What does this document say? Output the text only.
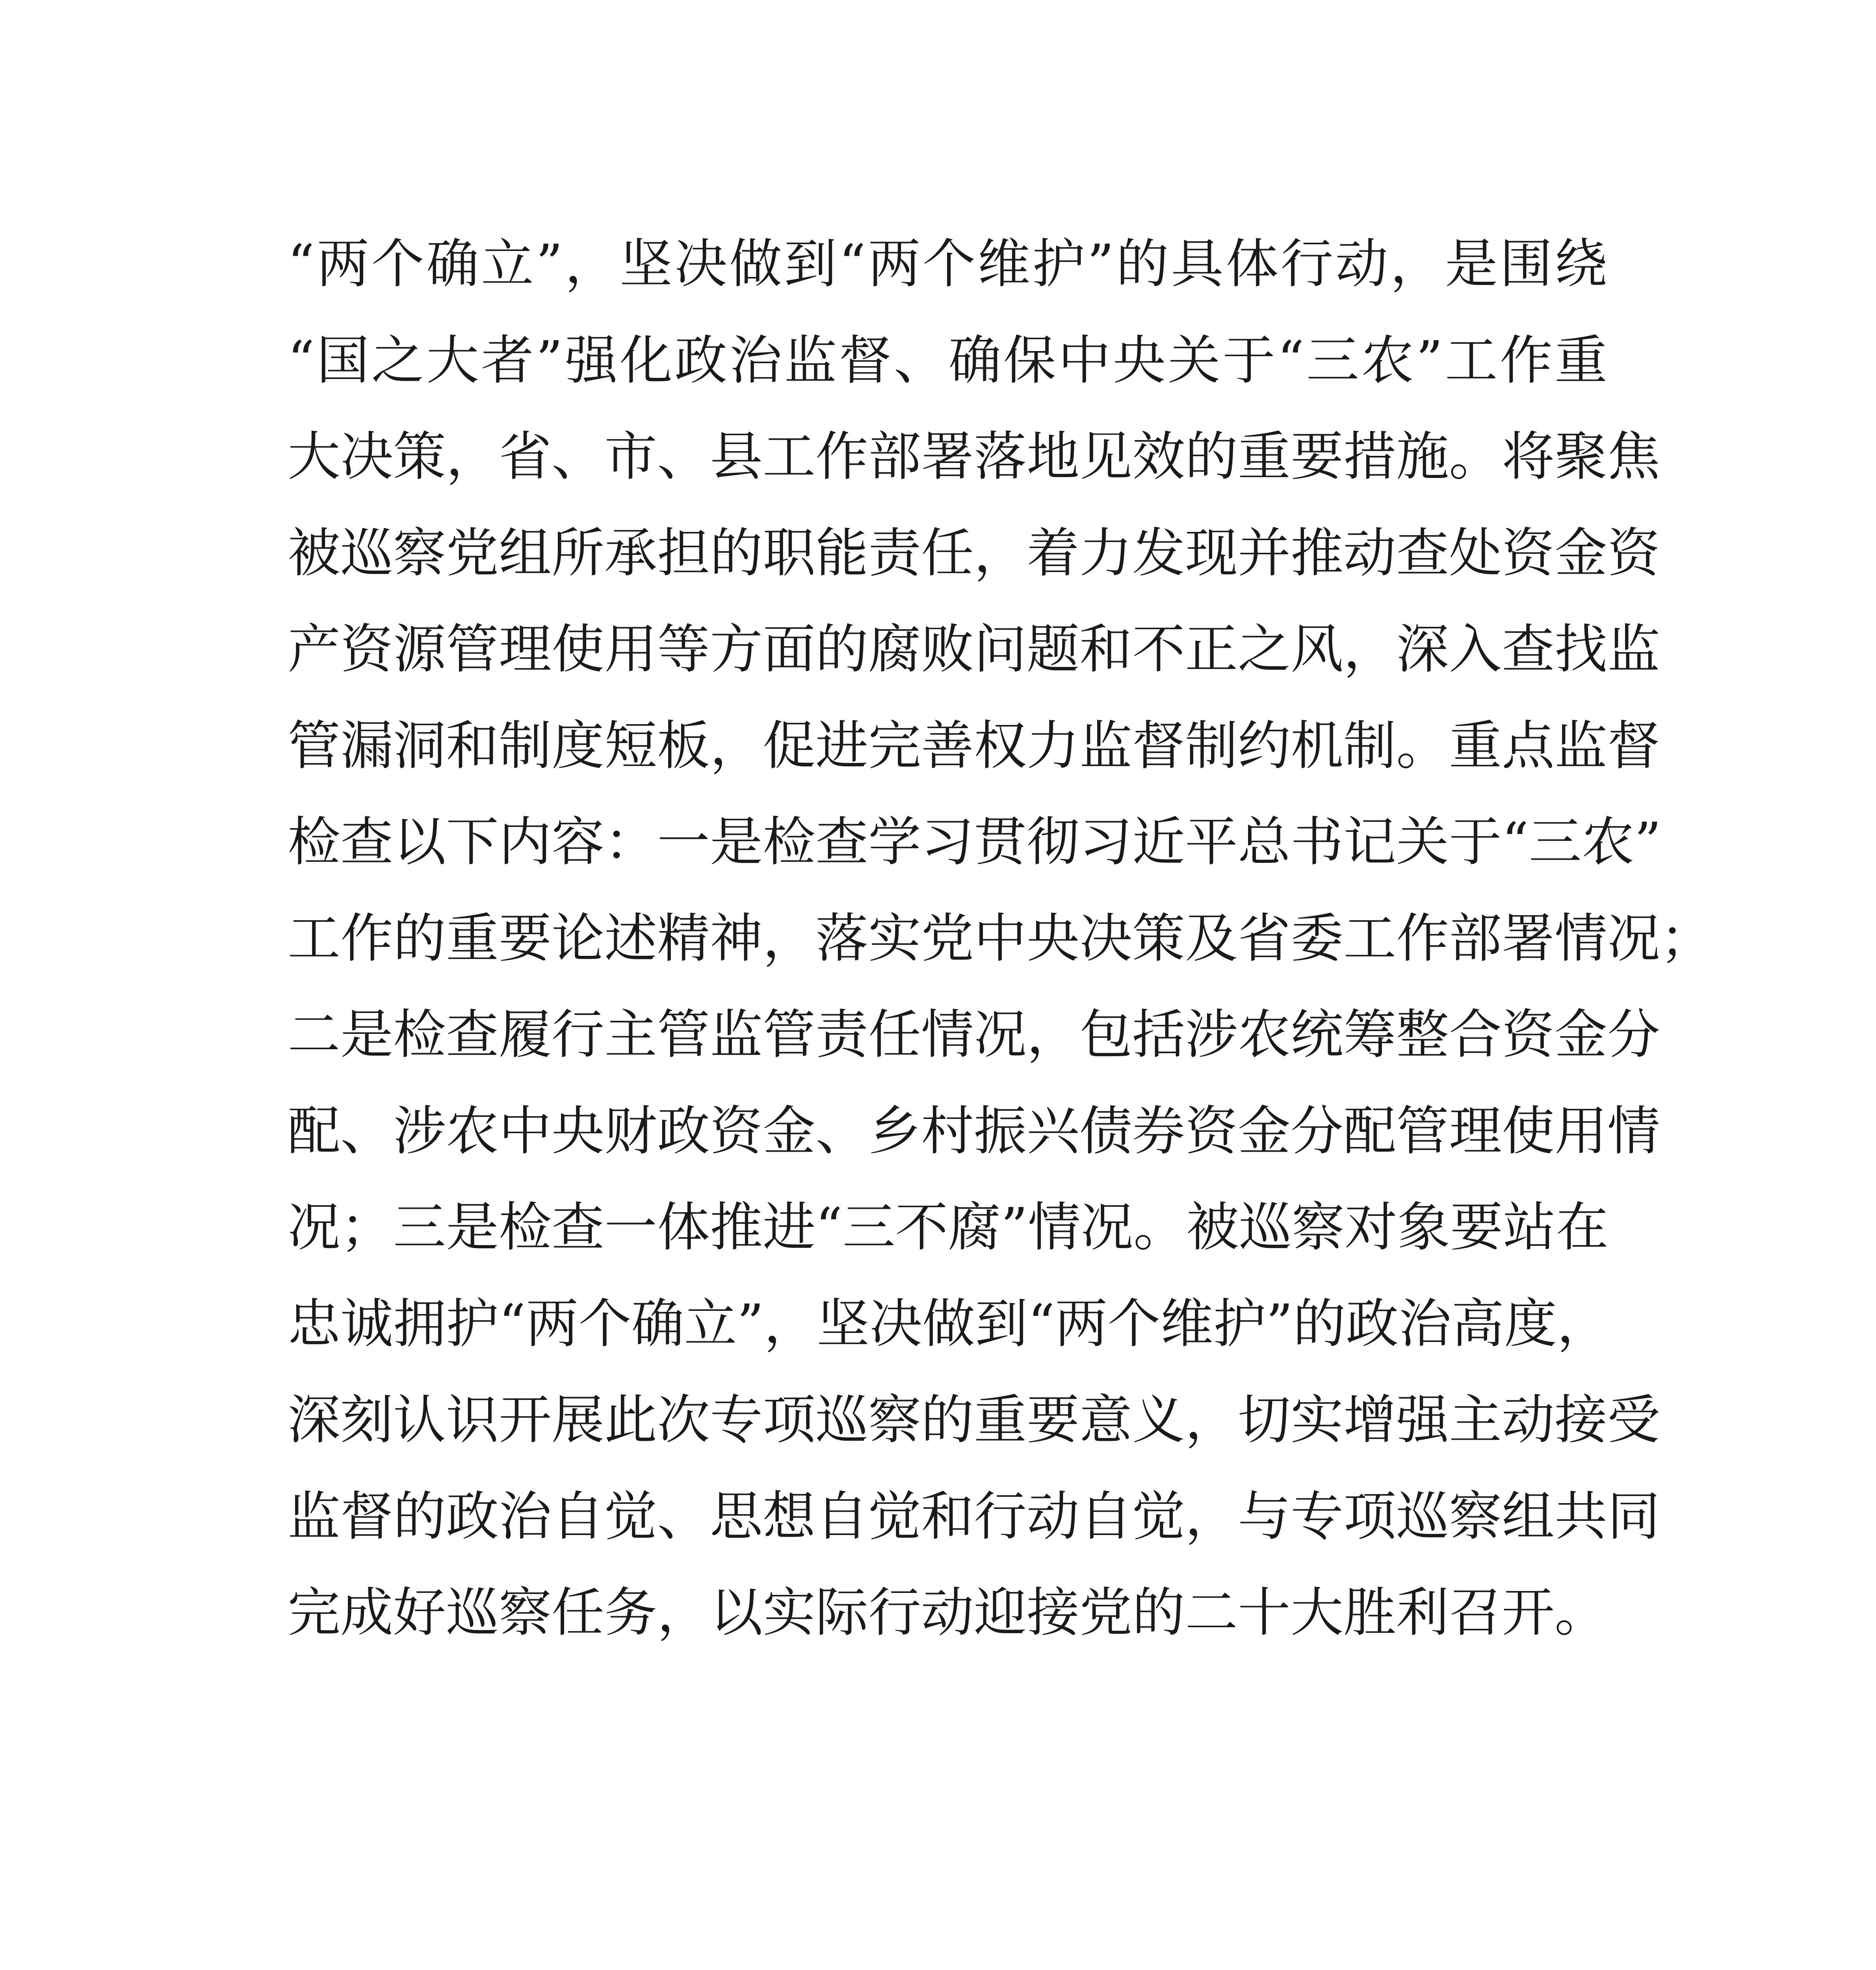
“两个确立”，坚决做到“两个维护”的具体行动，是围绕
“国之大者”强化政治监督、确保中央关于“三农”工作重
大决策，省、市、县工作部署落地见效的重要措施。将聚焦
被巡察党组所承担的职能责任，着力发现并推动查处资金资
产资源管理使用等方面的腐败问题和不正之风，深入查找监
管漏洞和制度短板，促进完善权力监督制约机制。重点监督
检查以下内容：一是检查学习贯彻习近平总书记关于“三农”
工作的重要论述精神，落实党中央决策及省委工作部署情况；
二是检查履行主管监管责任情况，包括涉农统筹整合资金分
配、涉农中央财政资金、乡村振兴债券资金分配管理使用情
况；三是检查一体推进“三不腐”情况。被巡察对象要站在
忠诚拥护“两个确立”，坚决做到“两个维护”的政治高度，
深刻认识开展此次专项巡察的重要意义，切实增强主动接受
监督的政治自觉、思想自觉和行动自觉，与专项巡察组共同
完成好巡察任务，以实际行动迎接党的二十大胜利召开。
